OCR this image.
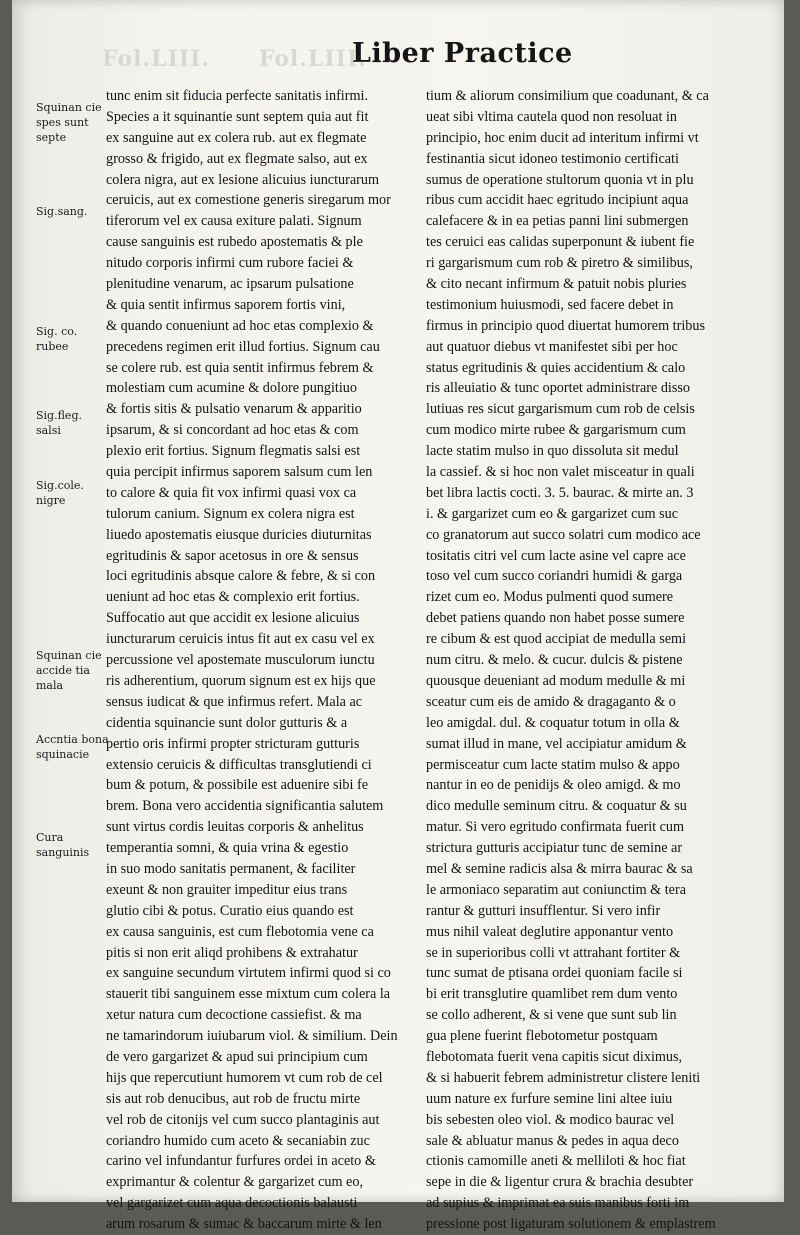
Fol.LIII. Fol.LIII.
Liber Practice
Squinan cie spes sunt septe
Sig.sang.
Sig. co. rubee
Sig.fleg. salsi
Sig.cole. nigre
Squinan cie accide tia mala
Accntia bona squinacie
Cura sanguinis
tunc enim sit fiducia perfecte sanitatis infirmi.
Species a it squinantie sunt septem quia aut fit
ex sanguine aut ex colera rub. aut ex flegmate
grosso & frigido, aut ex flegmate salso, aut ex
colera nigra, aut ex lesione alicuius iuncturarum
ceruicis, aut ex comestione generis siregarum mor
tiferorum vel ex causa exiture palati. Signum
cause sanguinis est rubedo apostematis & ple
nitudo corporis infirmi cum rubore faciei &
plenitudine venarum, ac ipsarum pulsatione
& quia sentit infirmus saporem fortis vini,
& quando conueniunt ad hoc etas complexio &
precedens regimen erit illud fortius. Signum cau
se colere rub. est quia sentit infirmus febrem &
molestiam cum acumine & dolore pungitiuo
& fortis sitis & pulsatio venarum & apparitio
ipsarum, & si concordant ad hoc etas & com
plexio erit fortius. Signum flegmatis salsi est
quia percipit infirmus saporem salsum cum len
to calore & quia fit vox infirmi quasi vox ca
tulorum canium. Signum ex colera nigra est
liuedo apostematis eiusque duricies diuturnitas
egritudinis & sapor acetosus in ore & sensus
loci egritudinis absque calore & febre, & si con
ueniunt ad hoc etas & complexio erit fortius.
Suffocatio aut que accidit ex lesione alicuius
iuncturarum ceruicis intus fit aut ex casu vel ex
percussione vel apostemate musculorum iunctu
ris adherentium, quorum signum est ex hijs que
sensus iudicat & que infirmus refert. Mala ac
cidentia squinancie sunt dolor gutturis & a
pertio oris infirmi propter stricturam gutturis
extensio ceruicis & difficultas transglutiendi ci
bum & potum, & possibile est aduenire sibi fe
brem. Bona vero accidentia significantia salutem
sunt virtus cordis leuitas corporis & anhelitus
temperantia somni, & quia vrina & egestio
in suo modo sanitatis permanent, & faciliter
exeunt & non grauiter impeditur eius trans
glutio cibi & potus. Curatio eius quando est
ex causa sanguinis, est cum flebotomia vene ca
pitis si non erit aliqd prohibens & extrahatur
ex sanguine secundum virtutem infirmi quod si co
stauerit tibi sanguinem esse mixtum cum colera la
xetur natura cum decoctione cassiefist. & ma
ne tamarindorum iuiubarum viol. & similium. Dein
de vero gargarizet & apud sui principium cum
hijs que repercutiunt humorem vt cum rob de cel
sis aut rob denucibus, aut rob de fructu mirte
vel rob de citonijs vel cum succo plantaginis aut
coriandro humido cum aceto & secaniabin zuc
carino vel infundantur furfures ordei in aceto &
exprimantur & colentur & gargarizet cum eo,
vel gargarizet cum aqua decoctionis balausti
arum rosarum & sumac & baccarum mirte & len
tium & aliorum consimilium que coadunant, & ca
ueat sibi vltima cautela quod non resoluat in
principio, hoc enim ducit ad interitum infirmi vt
festinantia sicut idoneo testimonio certificati
sumus de operatione stultorum quonia vt in plu
ribus cum accidit haec egritudo incipiunt aqua
calefacere & in ea petias panni lini submergen
tes ceruici eas calidas superponunt & iubent fie
ri gargarismum cum rob & piretro & similibus,
& cito necant infirmum & patuit nobis pluries
testimonium huiusmodi, sed facere debet in
firmus in principio quod diuertat humorem tribus
aut quatuor diebus vt manifestet sibi per hoc
status egritudinis & quies accidentium & calo
ris alleuiatio & tunc oportet administrare disso
lutiuas res sicut gargarismum cum rob de celsis
cum modico mirte rubee & gargarismum cum
lacte statim mulso in quo dissoluta sit medul
la cassief. & si hoc non valet misceatur in quali
bet libra lactis cocti. 3. 5. baurac. & mirte an. 3
i. & gargarizet cum eo & gargarizet cum suc
co granatorum aut succo solatri cum modico ace
tositatis citri vel cum lacte asine vel capre ace
toso vel cum succo coriandri humidi & garga
rizet cum eo. Modus pulmenti quod sumere
debet patiens quando non habet posse sumere
re cibum & est quod accipiat de medulla semi
num citru. & melo. & cucur. dulcis & pistene
quousque deueniant ad modum medulle & mi
sceatur cum eis de amido & dragaganto & o
leo amigdal. dul. & coquatur totum in olla &
sumat illud in mane, vel accipiatur amidum &
permisceatur cum lacte statim mulso & appo
nantur in eo de penidijs & oleo amigd. & mo
dico medulle seminum citru. & coquatur & su
matur. Si vero egritudo confirmata fuerit cum
strictura gutturis accipiatur tunc de semine ar
mel & semine radicis alsa & mirra baurac & sa
le armoniaco separatim aut coniunctim & tera
rantur & gutturi insufflentur. Si vero infir
mus nihil valeat deglutire apponantur vento
se in superioribus colli vt attrahant fortiter &
tunc sumat de ptisana ordei quoniam facile si
bi erit transglutire quamlibet rem dum vento
se collo adherent, & si vene que sunt sub lin
gua plene fuerint flebotometur postquam
flebotomata fuerit vena capitis sicut diximus,
& si habuerit febrem administretur clistere leniti
uum nature ex furfure semine lini altee iuiu
bis sebesten oleo viol. & modico baurac vel
sale & abluatur manus & pedes in aqua deco
ctionis camomille aneti & melliloti & hoc fiat
sepe in die & ligentur crura & brachia desubter
ad supius & imprimat ea suis manibus forti im
pressione post ligaturam solutionem & emplastrem
